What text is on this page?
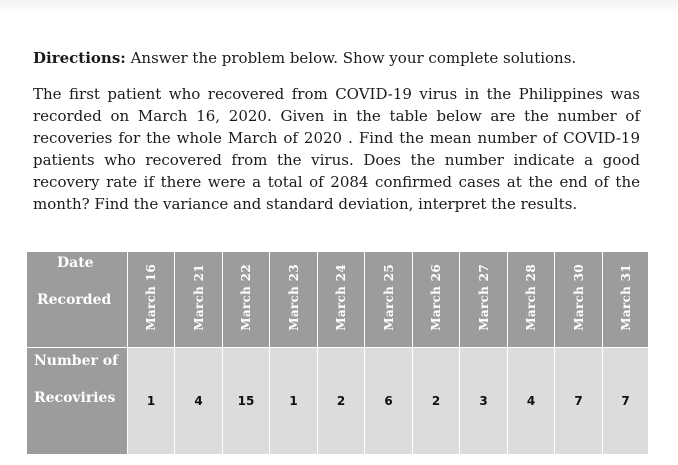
Directions: Answer the problem below. Show your complete solutions.

The first patient who recovered from COVID-19 virus in the Philippines was recorded on March 16, 2020. Given in the table below are the number of recoveries for the whole March of 2020 . Find the mean number of COVID-19 patients who recovered from the virus. Does the number indicate a good recovery rate if there were a total of 2084 confirmed cases at the end of the month? Find the variance and standard deviation, interpret the results.

Date
Recorded	March 16	March 21	March 22	March 23	March 24	March 25	March 26	March 27	March 28	March 30	March 31

Number of
Recoviries	1	4	15	1	2	6	2	3	4	7	7
